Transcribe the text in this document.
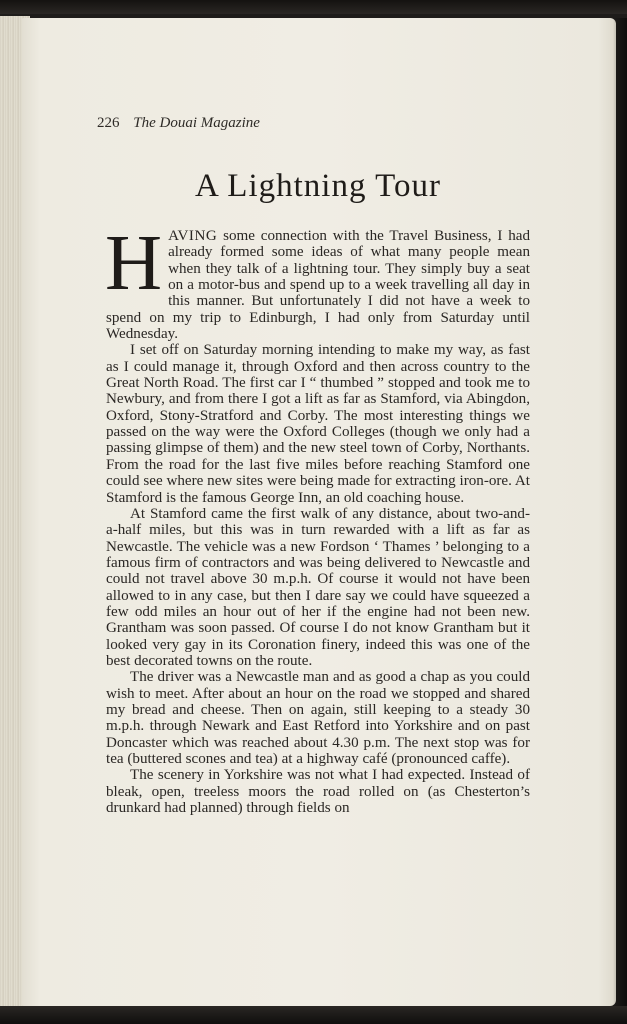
226 The Douai Magazine
A Lightning Tour

HAVING some connection with the Travel Business, I had already formed some ideas of what many people mean when they talk of a lightning tour. They simply buy a seat on a motor-bus and spend up to a week travelling all day in this manner. But unfortunately I did not have a week to spend on my trip to Edinburgh, I had only from Saturday until Wednesday.

I set off on Saturday morning intending to make my way, as fast as I could manage it, through Oxford and then across country to the Great North Road. The first car I “ thumbed ” stopped and took me to Newbury, and from there I got a lift as far as Stamford, via Abingdon, Oxford, Stony-Stratford and Corby. The most interesting things we passed on the way were the Oxford Colleges (though we only had a passing glimpse of them) and the new steel town of Corby, Northants. From the road for the last five miles before reaching Stamford one could see where new sites were being made for extracting iron-ore. At Stamford is the famous George Inn, an old coaching house.

At Stamford came the first walk of any distance, about two-and-a-half miles, but this was in turn rewarded with a lift as far as Newcastle. The vehicle was a new Fordson ‘ Thames ’ belonging to a famous firm of contractors and was being delivered to Newcastle and could not travel above 30 m.p.h. Of course it would not have been allowed to in any case, but then I dare say we could have squeezed a few odd miles an hour out of her if the engine had not been new. Grantham was soon passed. Of course I do not know Grantham but it looked very gay in its Coronation finery, indeed this was one of the best decorated towns on the route.

The driver was a Newcastle man and as good a chap as you could wish to meet. After about an hour on the road we stopped and shared my bread and cheese. Then on again, still keeping to a steady 30 m.p.h. through Newark and East Retford into Yorkshire and on past Doncaster which was reached about 4.30 p.m. The next stop was for tea (buttered scones and tea) at a highway café (pronounced caffe).

The scenery in Yorkshire was not what I had expected. Instead of bleak, open, treeless moors the road rolled on (as Chesterton’s drunkard had planned) through fields on
